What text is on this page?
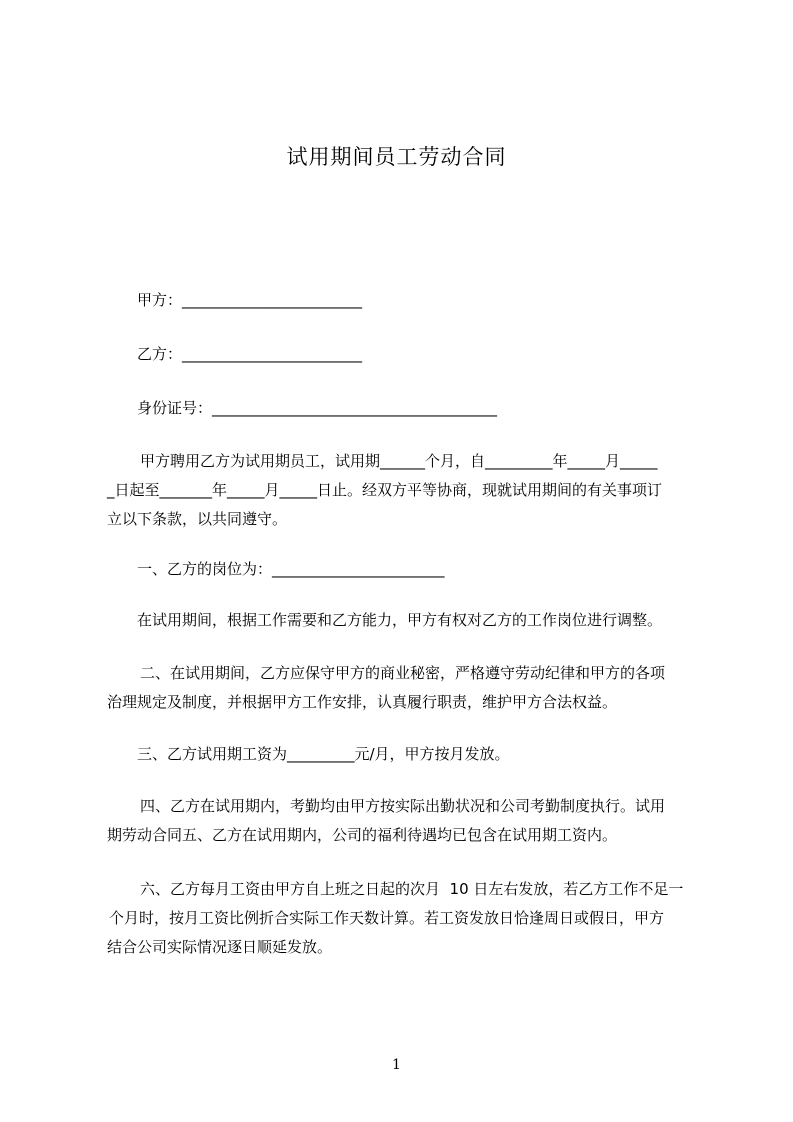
试用期间员工劳动合同
甲方：________________________
乙方：________________________
身份证号：______________________________________
甲方聘用乙方为试用期员工，试用期______个月，自_________年_____月_____
_日起至_______年_____月_____日止。经双方平等协商，现就试用期间的有关事项订
立以下条款，以共同遵守。
一、乙方的岗位为：_______________________
在试用期间，根据工作需要和乙方能力，甲方有权对乙方的工作岗位进行调整。
二、在试用期间，乙方应保守甲方的商业秘密，严格遵守劳动纪律和甲方的各项
治理规定及制度，并根据甲方工作安排，认真履行职责，维护甲方合法权益。
三、乙方试用期工资为_________元/月，甲方按月发放。
四、乙方在试用期内，考勤均由甲方按实际出勤状况和公司考勤制度执行。试用
期劳动合同五、乙方在试用期内，公司的福利待遇均已包含在试用期工资内。
六、乙方每月工资由甲方自上班之日起的次月  10 日左右发放，若乙方工作不足一
个月时，按月工资比例折合实际工作天数计算。若工资发放日恰逢周日或假日，甲方
结合公司实际情况逐日顺延发放。
1
